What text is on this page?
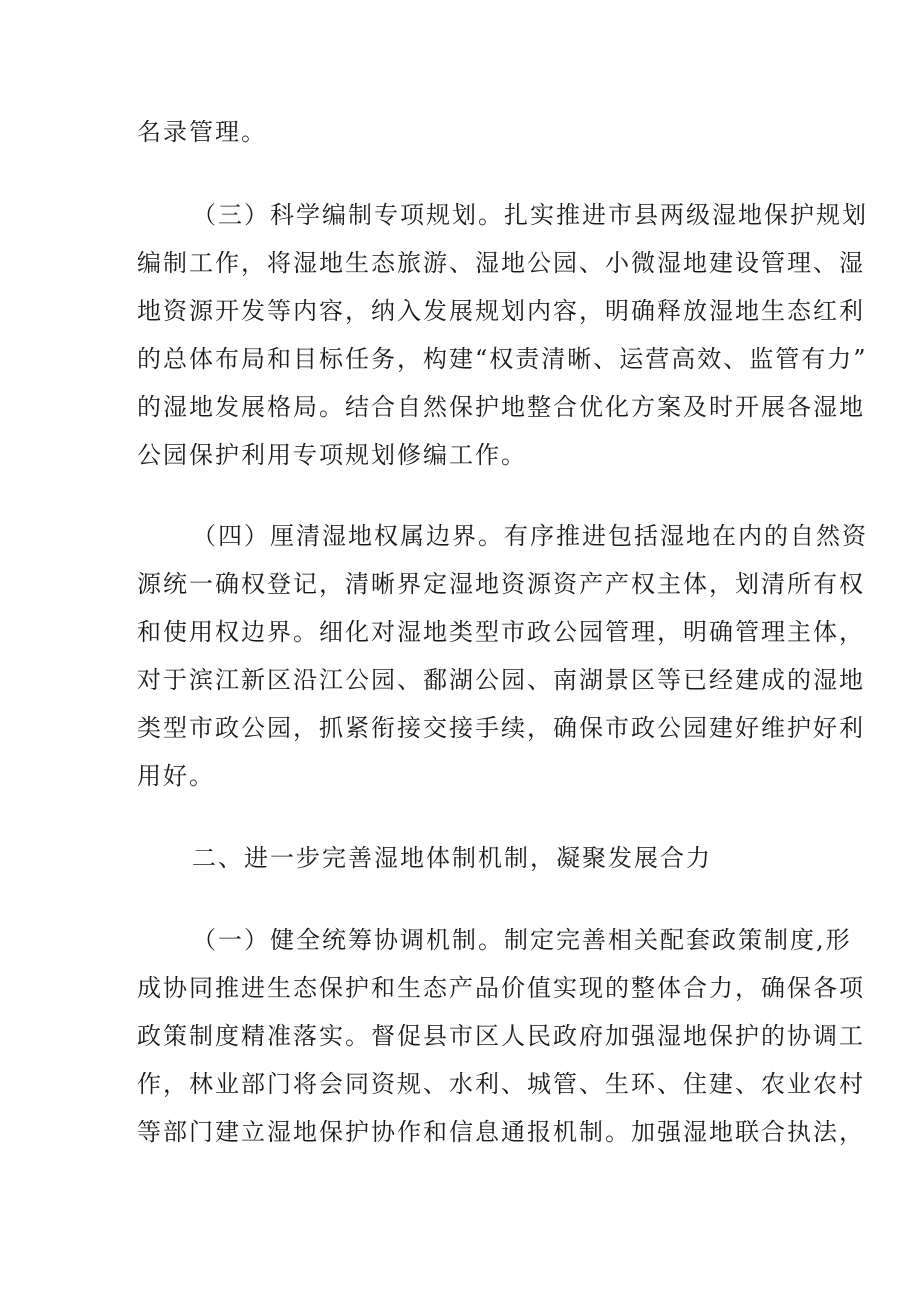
名录管理。

（三）科学编制专项规划。扎实推进市县两级湿地保护规划

编制工作，将湿地生态旅游、湿地公园、小微湿地建设管理、湿

地资源开发等内容，纳入发展规划内容，明确释放湿地生态红利

的总体布局和目标任务，构建“权责清晰、运营高效、监管有力”

的湿地发展格局。结合自然保护地整合优化方案及时开展各湿地

公园保护利用专项规划修编工作。

（四）厘清湿地权属边界。有序推进包括湿地在内的自然资

源统一确权登记，清晰界定湿地资源资产产权主体，划清所有权

和使用权边界。细化对湿地类型市政公园管理，明确管理主体，

对于滨江新区沿江公园、鄱湖公园、南湖景区等已经建成的湿地

类型市政公园，抓紧衔接交接手续，确保市政公园建好维护好利

用好。

二、进一步完善湿地体制机制，凝聚发展合力

（一）健全统筹协调机制。制定完善相关配套政策制度,形

成协同推进生态保护和生态产品价值实现的整体合力，确保各项

政策制度精准落实。督促县市区人民政府加强湿地保护的协调工

作，林业部门将会同资规、水利、城管、生环、住建、农业农村

等部门建立湿地保护协作和信息通报机制。加强湿地联合执法，
